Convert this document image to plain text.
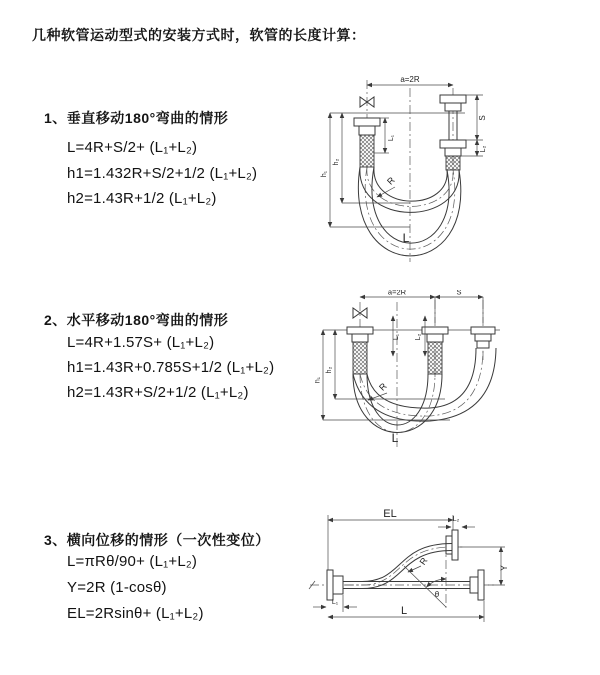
几种软管运动型式的安装方式时，软管的长度计算：
1、垂直移动180°弯曲的情形
L=4R+S/2+ (L₁+L₂)
h1=1.432R+S/2+1/2 (L₁+L₂)
h2=1.43R+1/2 (L₁+L₂)
2、水平移动180°弯曲的情形
L=4R+1.57S+ (L₁+L₂)
h1=1.43R+0.785S+1/2 (L₁+L₂)
h2=1.43R+S/2+1/2 (L₁+L₂)
3、横向位移的情形（一次性变位）
L=πRθ/90+ (L₁+L₂)
Y=2R (1-cosθ)
EL=2Rsinθ+ (L₁+L₂)
a=2R
L₁
S
L₂
h₂
h₁
R
L
a=2R	S
L₁ L₂
h₂
h₁
R
L
EL	L₂
Y
R
θ
L₁
L
